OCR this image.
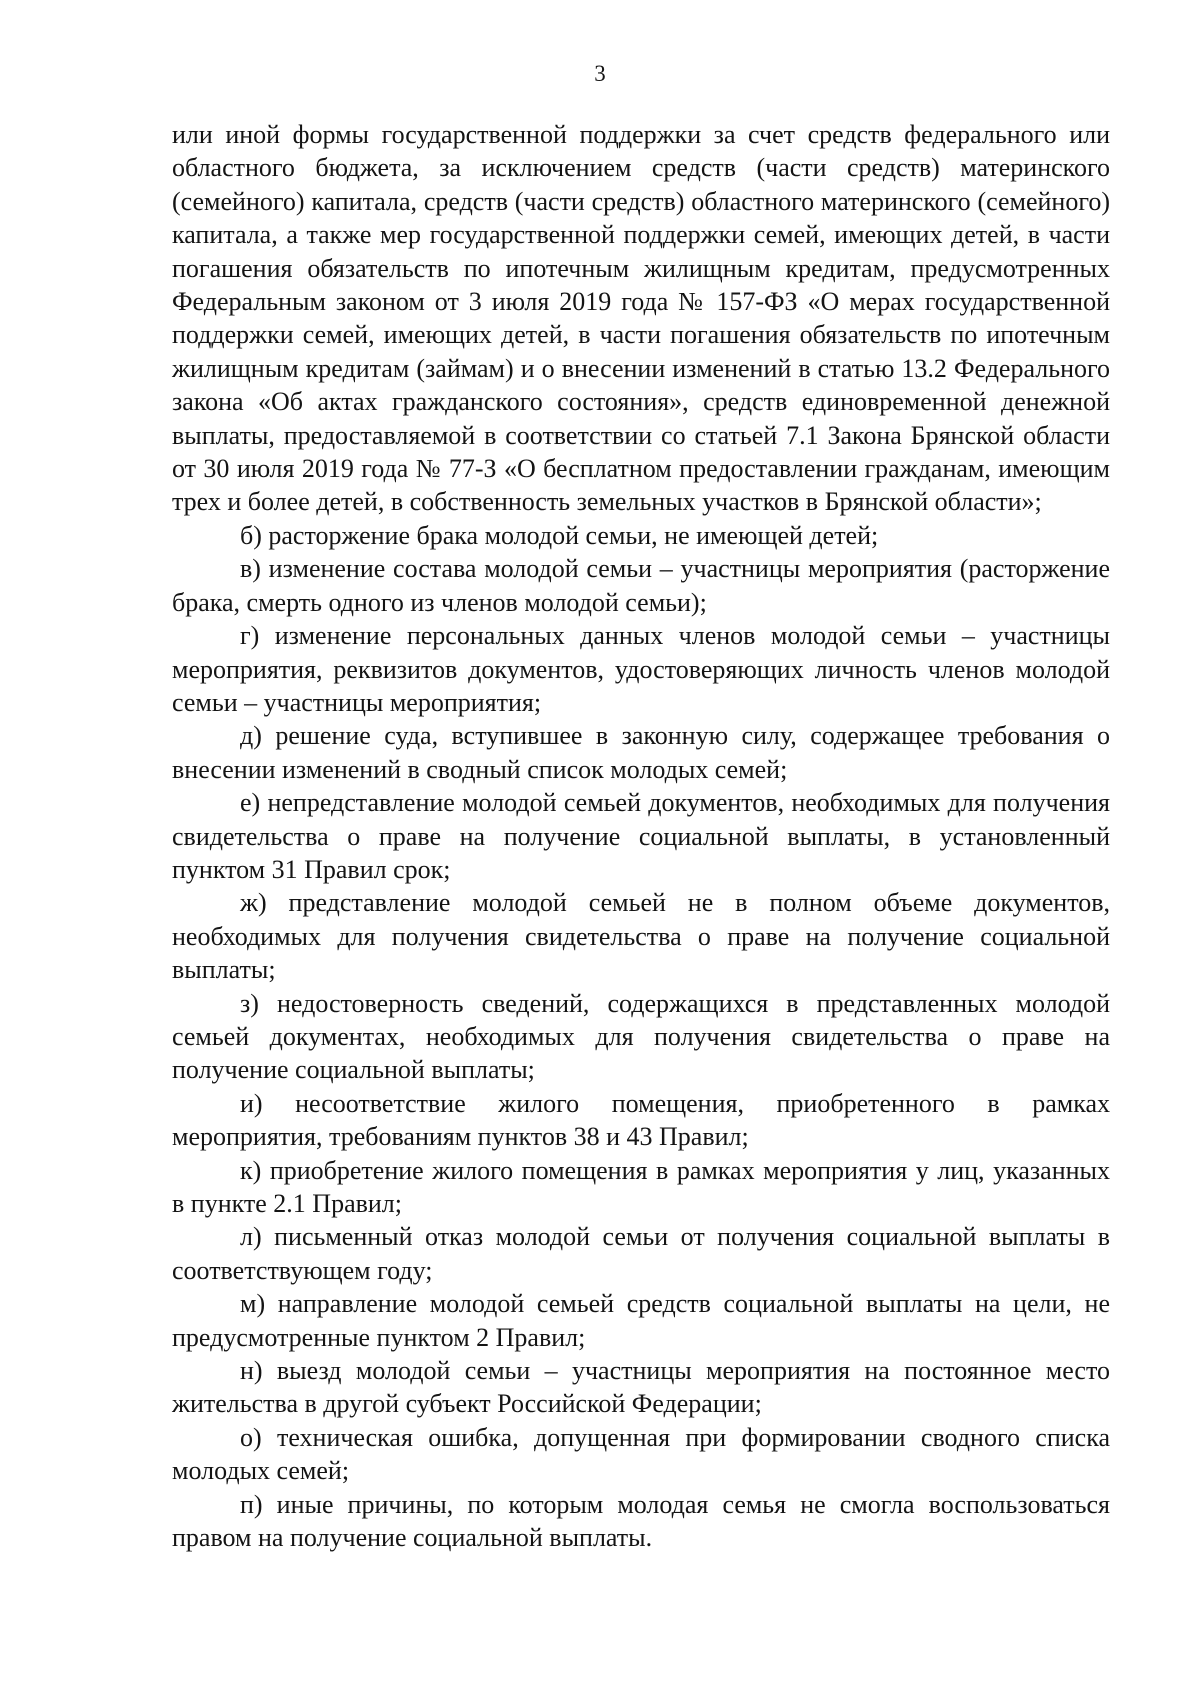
3

или иной формы государственной поддержки за счет средств федерального или областного бюджета, за исключением средств (части средств) материнского (семейного) капитала, средств (части средств) областного материнского (семейного) капитала, а также мер государственной поддержки семей, имеющих детей, в части погашения обязательств по ипотечным жилищным кредитам, предусмотренных Федеральным законом от 3 июля 2019 года № 157-ФЗ «О мерах государственной поддержки семей, имеющих детей, в части погашения обязательств по ипотечным жилищным кредитам (займам) и о внесении изменений в статью 13.2 Федерального закона «Об актах гражданского состояния», средств единовременной денежной выплаты, предоставляемой в соответствии со статьей 7.1 Закона Брянской области от 30 июля 2019 года № 77-З «О бесплатном предоставлении гражданам, имеющим трех и более детей, в собственность земельных участков в Брянской области»;

б) расторжение брака молодой семьи, не имеющей детей;

в) изменение состава молодой семьи – участницы мероприятия (расторжение брака, смерть одного из членов молодой семьи);

г) изменение персональных данных членов молодой семьи – участницы мероприятия, реквизитов документов, удостоверяющих личность членов молодой семьи – участницы мероприятия;

д) решение суда, вступившее в законную силу, содержащее требования о внесении изменений в сводный список молодых семей;

е) непредставление молодой семьей документов, необходимых для получения свидетельства о праве на получение социальной выплаты, в установленный пунктом 31 Правил срок;

ж) представление молодой семьей не в полном объеме документов, необходимых для получения свидетельства о праве на получение социальной выплаты;

з) недостоверность сведений, содержащихся в представленных молодой семьей документах, необходимых для получения свидетельства о праве на получение социальной выплаты;

и) несоответствие жилого помещения, приобретенного в рамках мероприятия, требованиям пунктов 38 и 43 Правил;

к) приобретение жилого помещения в рамках мероприятия у лиц, указанных в пункте 2.1 Правил;

л) письменный отказ молодой семьи от получения социальной выплаты в соответствующем году;

м) направление молодой семьей средств социальной выплаты на цели, не предусмотренные пунктом 2 Правил;

н) выезд молодой семьи – участницы мероприятия на постоянное место жительства в другой субъект Российской Федерации;

о) техническая ошибка, допущенная при формировании сводного списка молодых семей;

п) иные причины, по которым молодая семья не смогла воспользоваться правом на получение социальной выплаты.
